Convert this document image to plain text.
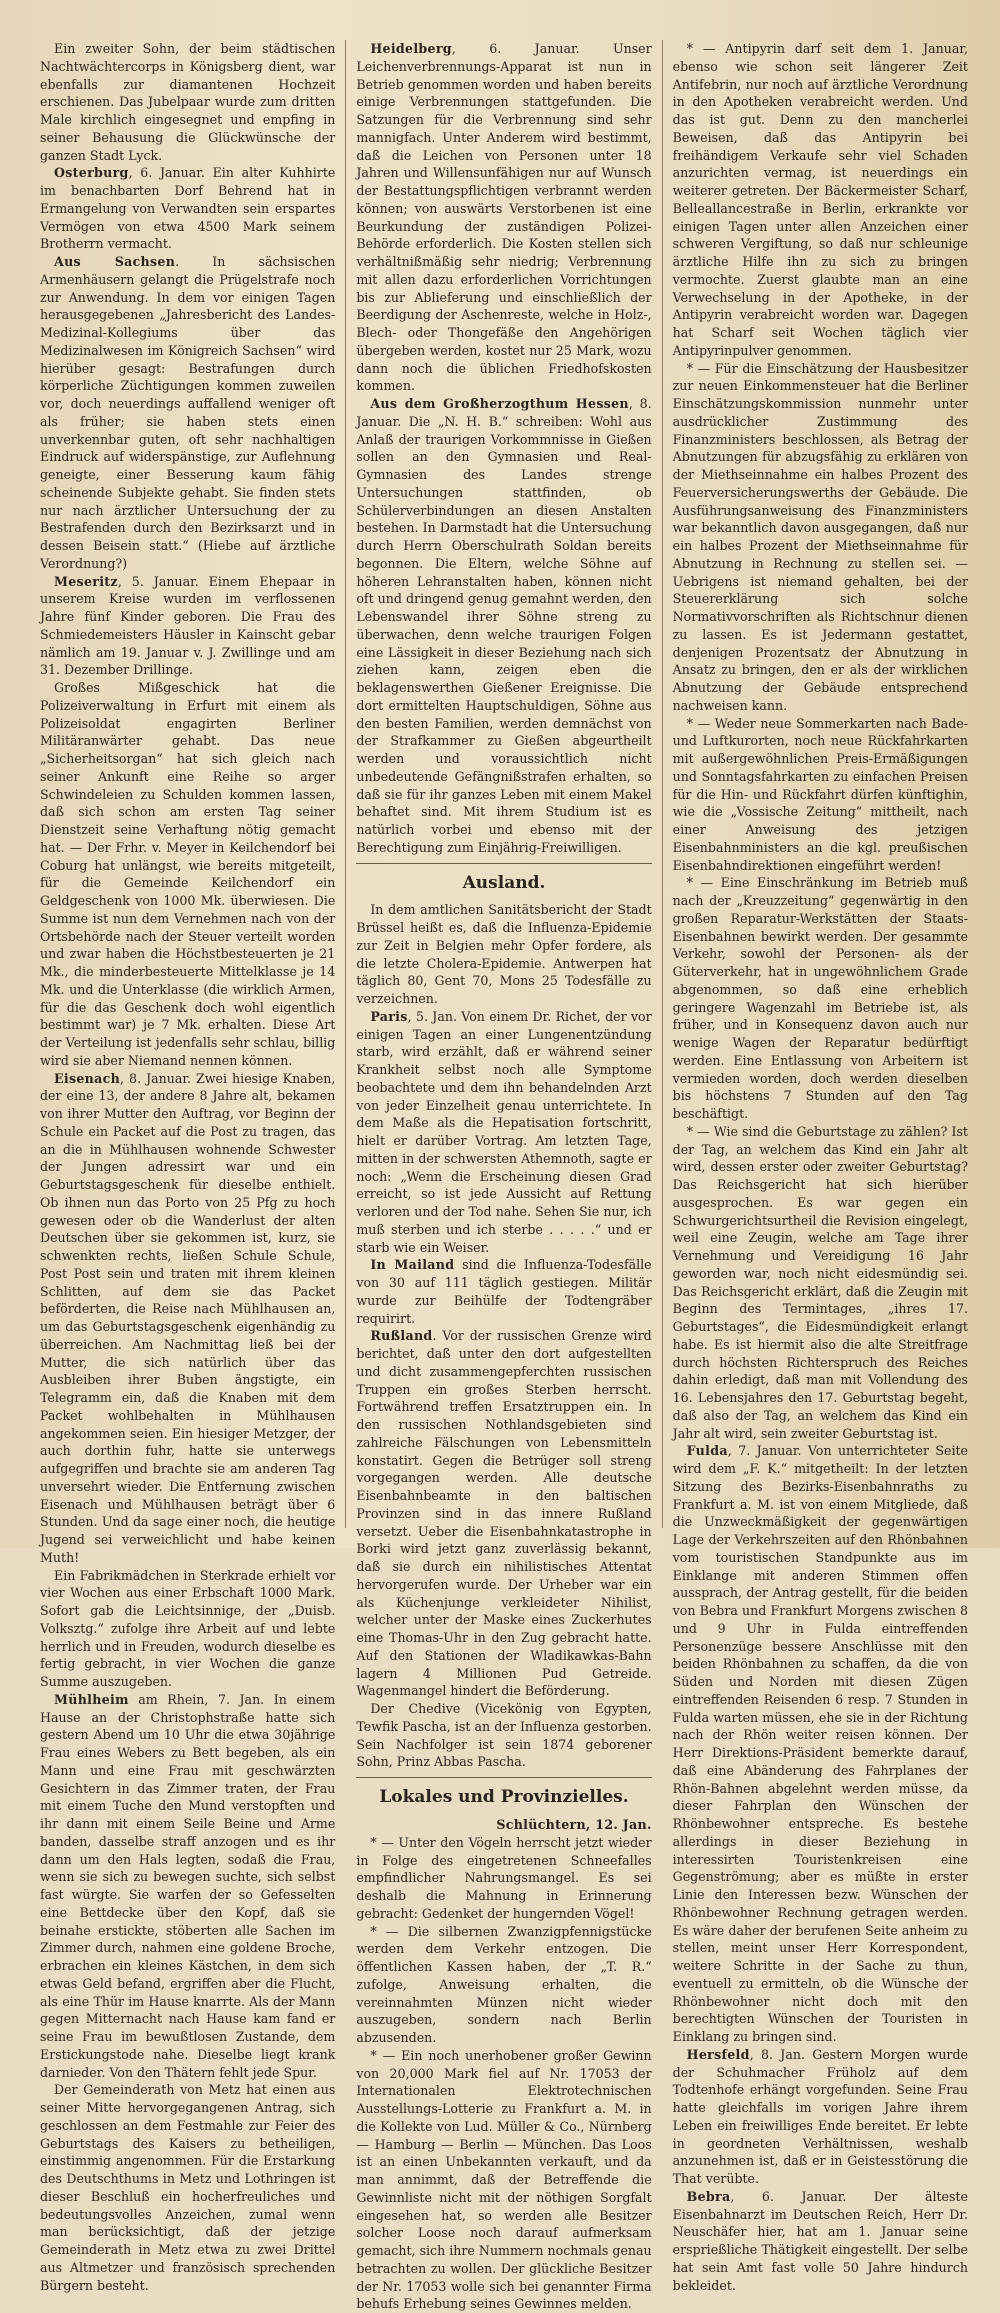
Ein zweiter Sohn, der beim städtischen Nachtwächtercorps in Königsberg dient, war ebenfalls zur diamantenen Hochzeit erschienen. Das Jubelpaar wurde zum dritten Male kirchlich eingesegnet und empfing in seiner Behausung die Glückwünsche der ganzen Stadt Lyck.

Osterburg, 6. Januar. Ein alter Kuhhirte im benachbarten Dorf Behrend hat in Ermangelung von Verwandten sein erspartes Vermögen von etwa 4500 Mark seinem Brotherrn vermacht.

Aus Sachsen. In sächsischen Armenhäusern gelangt die Prügelstrafe noch zur Anwendung. In dem vor einigen Tagen herausgegebenen „Jahresbericht des Landes-Medizinal-Kollegiums über das Medizinalwesen im Königreich Sachsen“ wird hierüber gesagt: Bestrafungen durch körperliche Züchtigungen kommen zuweilen vor, doch neuerdings auffallend weniger oft als früher; sie haben stets einen unverkennbar guten, oft sehr nachhaltigen Eindruck auf widerspänstige, zur Auflehnung geneigte, einer Besserung kaum fähig scheinende Subjekte gehabt. Sie finden stets nur nach ärztlicher Untersuchung der zu Bestrafenden durch den Bezirksarzt und in dessen Beisein statt.“ (Hiebe auf ärztliche Verordnung?)

Meseritz, 5. Januar. Einem Ehepaar in unserem Kreise wurden im verflossenen Jahre fünf Kinder geboren. Die Frau des Schmiedemeisters Häusler in Kainscht gebar nämlich am 19. Januar v. J. Zwillinge und am 31. Dezember Drillinge.

Großes Mißgeschick hat die Polizeiverwaltung in Erfurt mit einem als Polizeisoldat engagirten Berliner Militäranwärter gehabt. Das neue „Sicherheitsorgan“ hat sich gleich nach seiner Ankunft eine Reihe so arger Schwindeleien zu Schulden kommen lassen, daß sich schon am ersten Tag seiner Dienstzeit seine Verhaftung nötig gemacht hat. — Der Frhr. v. Meyer in Keilchendorf bei Coburg hat unlängst, wie bereits mitgeteilt, für die Gemeinde Keilchendorf ein Geldgeschenk von 1000 Mk. überwiesen. Die Summe ist nun dem Vernehmen nach von der Ortsbehörde nach der Steuer verteilt worden und zwar haben die Höchstbesteuerten je 21 Mk., die minderbesteuerte Mittelklasse je 14 Mk. und die Unterklasse (die wirklich Armen, für die das Geschenk doch wohl eigentlich bestimmt war) je 7 Mk. erhalten. Diese Art der Verteilung ist jedenfalls sehr schlau, billig wird sie aber Niemand nennen können.

Eisenach, 8. Januar. Zwei hiesige Knaben, der eine 13, der andere 8 Jahre alt, bekamen von ihrer Mutter den Auftrag, vor Beginn der Schule ein Packet auf die Post zu tragen, das an die in Mühlhausen wohnende Schwester der Jungen adressirt war und ein Geburtstagsgeschenk für dieselbe enthielt. Ob ihnen nun das Porto von 25 Pfg zu hoch gewesen oder ob die Wanderlust der alten Deutschen über sie gekommen ist, kurz, sie schwenkten rechts, ließen Schule Schule, Post Post sein und traten mit ihrem kleinen Schlitten, auf dem sie das Packet beförderten, die Reise nach Mühlhausen an, um das Geburtstagsgeschenk eigenhändig zu überreichen. Am Nachmittag ließ bei der Mutter, die sich natürlich über das Ausbleiben ihrer Buben ängstigte, ein Telegramm ein, daß die Knaben mit dem Packet wohlbehalten in Mühlhausen angekommen seien. Ein hiesiger Metzger, der auch dorthin fuhr, hatte sie unterwegs aufgegriffen und brachte sie am anderen Tag unversehrt wieder. Die Entfernung zwischen Eisenach und Mühlhausen beträgt über 6 Stunden. Und da sage einer noch, die heutige Jugend sei verweichlicht und habe keinen Muth!

Ein Fabrikmädchen in Sterkrade erhielt vor vier Wochen aus einer Erbschaft 1000 Mark. Sofort gab die Leichtsinnige, der „Duisb. Volksztg.“ zufolge ihre Arbeit auf und lebte herrlich und in Freuden, wodurch dieselbe es fertig gebracht, in vier Wochen die ganze Summe auszugeben.

Mühlheim am Rhein, 7. Jan. In einem Hause an der Christophstraße hatte sich gestern Abend um 10 Uhr die etwa 30jährige Frau eines Webers zu Bett begeben, als ein Mann und eine Frau mit geschwärzten Gesichtern in das Zimmer traten, der Frau mit einem Tuche den Mund verstopften und ihr dann mit einem Seile Beine und Arme banden, dasselbe straff anzogen und es ihr dann um den Hals legten, sodaß die Frau, wenn sie sich zu bewegen suchte, sich selbst fast würgte. Sie warfen der so Gefesselten eine Bettdecke über den Kopf, daß sie beinahe erstickte, stöberten alle Sachen im Zimmer durch, nahmen eine goldene Broche, erbrachen ein kleines Kästchen, in dem sich etwas Geld befand, ergriffen aber die Flucht, als eine Thür im Hause knarrte. Als der Mann gegen Mitternacht nach Hause kam fand er seine Frau im bewußtlosen Zustande, dem Erstickungstode nahe. Dieselbe liegt krank darnieder. Von den Thätern fehlt jede Spur.

Der Gemeinderath von Metz hat einen aus seiner Mitte hervorgegangenen Antrag, sich geschlossen an dem Festmahle zur Feier des Geburtstags des Kaisers zu betheiligen, einstimmig angenommen. Für die Erstarkung des Deutschthums in Metz und Lothringen ist dieser Beschluß ein hocherfreuliches und bedeutungsvolles Anzeichen, zumal wenn man berücksichtigt, daß der jetzige Gemeinderath in Metz etwa zu zwei Drittel aus Altmetzer und französisch sprechenden Bürgern besteht.

Heidelberg, 6. Januar. Unser Leichenverbrennungs-Apparat ist nun in Betrieb genommen worden und haben bereits einige Verbrennungen stattgefunden. Die Satzungen für die Verbrennung sind sehr mannigfach. Unter Anderem wird bestimmt, daß die Leichen von Personen unter 18 Jahren und Willensunfähigen nur auf Wunsch der Bestattungspflichtigen verbrannt werden können; von auswärts Verstorbenen ist eine Beurkundung der zuständigen Polizei-Behörde erforderlich. Die Kosten stellen sich verhältnißmäßig sehr niedrig; Verbrennung mit allen dazu erforderlichen Vorrichtungen bis zur Ablieferung und einschließlich der Beerdigung der Aschenreste, welche in Holz-, Blech- oder Thongefäße den Angehörigen übergeben werden, kostet nur 25 Mark, wozu dann noch die üblichen Friedhofskosten kommen.

Aus dem Großherzogthum Hessen, 8. Januar. Die „N. H. B.“ schreiben: Wohl aus Anlaß der traurigen Vorkommnisse in Gießen sollen an den Gymnasien und Real-Gymnasien des Landes strenge Untersuchungen stattfinden, ob Schülerverbindungen an diesen Anstalten bestehen. In Darmstadt hat die Untersuchung durch Herrn Oberschulrath Soldan bereits begonnen. Die Eltern, welche Söhne auf höheren Lehranstalten haben, können nicht oft und dringend genug gemahnt werden, den Lebenswandel ihrer Söhne streng zu überwachen, denn welche traurigen Folgen eine Lässigkeit in dieser Beziehung nach sich ziehen kann, zeigen eben die beklagenswerthen Gießener Ereignisse. Die dort ermittelten Hauptschuldigen, Söhne aus den besten Familien, werden demnächst von der Strafkammer zu Gießen abgeurtheilt werden und voraussichtlich nicht unbedeutende Gefängnißstrafen erhalten, so daß sie für ihr ganzes Leben mit einem Makel behaftet sind. Mit ihrem Studium ist es natürlich vorbei und ebenso mit der Berechtigung zum Einjährig-Freiwilligen.

Ausland.

In dem amtlichen Sanitätsbericht der Stadt Brüssel heißt es, daß die Influenza-Epidemie zur Zeit in Belgien mehr Opfer fordere, als die letzte Cholera-Epidemie. Antwerpen hat täglich 80, Gent 70, Mons 25 Todesfälle zu verzeichnen.

Paris, 5. Jan. Von einem Dr. Richet, der vor einigen Tagen an einer Lungenentzündung starb, wird erzählt, daß er während seiner Krankheit selbst noch alle Symptome beobachtete und dem ihn behandelnden Arzt von jeder Einzelheit genau unterrichtete. In dem Maße als die Hepatisation fortschritt, hielt er darüber Vortrag. Am letzten Tage, mitten in der schwersten Athemnoth, sagte er noch: „Wenn die Erscheinung diesen Grad erreicht, so ist jede Aussicht auf Rettung verloren und der Tod nahe. Sehen Sie nur, ich muß sterben und ich sterbe . . . . .“ und er starb wie ein Weiser.

In Mailand sind die Influenza-Todesfälle von 30 auf 111 täglich gestiegen. Militär wurde zur Beihülfe der Todtengräber requirirt.

Rußland. Vor der russischen Grenze wird berichtet, daß unter den dort aufgestellten und dicht zusammengepferchten russischen Truppen ein großes Sterben herrscht. Fortwährend treffen Ersatztruppen ein. In den russischen Nothlandsgebieten sind zahlreiche Fälschungen von Lebensmitteln konstatirt. Gegen die Betrüger soll streng vorgegangen werden. Alle deutsche Eisenbahnbeamte in den baltischen Provinzen sind in das innere Rußland versetzt. Ueber die Eisenbahnkatastrophe in Borki wird jetzt ganz zuverlässig bekannt, daß sie durch ein nihilistisches Attentat hervorgerufen wurde. Der Urheber war ein als Küchenjunge verkleideter Nihilist, welcher unter der Maske eines Zuckerhutes eine Thomas-Uhr in den Zug gebracht hatte. Auf den Stationen der Wladikawkas-Bahn lagern 4 Millionen Pud Getreide. Wagenmangel hindert die Beförderung.

Der Chedive (Vicekönig von Egypten, Tewfik Pascha, ist an der Influenza gestorben. Sein Nachfolger ist sein 1874 geborener Sohn, Prinz Abbas Pascha.

Lokales und Provinzielles.

Schlüchtern, 12. Jan.

* — Unter den Vögeln herrscht jetzt wieder in Folge des eingetretenen Schneefalles empfindlicher Nahrungsmangel. Es sei deshalb die Mahnung in Erinnerung gebracht: Gedenket der hungernden Vögel!

* — Die silbernen Zwanzigpfennigstücke werden dem Verkehr entzogen. Die öffentlichen Kassen haben, der „T. R.“ zufolge, Anweisung erhalten, die vereinnahmten Münzen nicht wieder auszugeben, sondern nach Berlin abzusenden.

* — Ein noch unerhobener großer Gewinn von 20,000 Mark fiel auf Nr. 17053 der Internationalen Elektrotechnischen Ausstellungs-Lotterie zu Frankfurt a. M. in die Kollekte von Lud. Müller & Co., Nürnberg — Hamburg — Berlin — München. Das Loos ist an einen Unbekannten verkauft, und da man annimmt, daß der Betreffende die Gewinnliste nicht mit der nöthigen Sorgfalt eingesehen hat, so werden alle Besitzer solcher Loose noch darauf aufmerksam gemacht, sich ihre Nummern nochmals genau betrachten zu wollen. Der glückliche Besitzer der Nr. 17053 wolle sich bei genannter Firma behufs Erhebung seines Gewinnes melden.

* — Antipyrin darf seit dem 1. Januar, ebenso wie schon seit längerer Zeit Antifebrin, nur noch auf ärztliche Verordnung in den Apotheken verabreicht werden. Und das ist gut. Denn zu den mancherlei Beweisen, daß das Antipyrin bei freihändigem Verkaufe sehr viel Schaden anzurichten vermag, ist neuerdings ein weiterer getreten. Der Bäckermeister Scharf, Belleallancestraße in Berlin, erkrankte vor einigen Tagen unter allen Anzeichen einer schweren Vergiftung, so daß nur schleunige ärztliche Hilfe ihn zu sich zu bringen vermochte. Zuerst glaubte man an eine Verwechselung in der Apotheke, in der Antipyrin verabreicht worden war. Dagegen hat Scharf seit Wochen täglich vier Antipyrinpulver genommen.

* — Für die Einschätzung der Hausbesitzer zur neuen Einkommensteuer hat die Berliner Einschätzungskommission nunmehr unter ausdrücklicher Zustimmung des Finanzministers beschlossen, als Betrag der Abnutzungen für abzugsfähig zu erklären von der Miethseinnahme ein halbes Prozent des Feuerversicherungswerths der Gebäude. Die Ausführungsanweisung des Finanzministers war bekanntlich davon ausgegangen, daß nur ein halbes Prozent der Miethseinnahme für Abnutzung in Rechnung zu stellen sei. — Uebrigens ist niemand gehalten, bei der Steuererklärung sich solche Normativvorschriften als Richtschnur dienen zu lassen. Es ist Jedermann gestattet, denjenigen Prozentsatz der Abnutzung in Ansatz zu bringen, den er als der wirklichen Abnutzung der Gebäude entsprechend nachweisen kann.

* — Weder neue Sommerkarten nach Bade- und Luftkurorten, noch neue Rückfahrkarten mit außergewöhnlichen Preis-Ermäßigungen und Sonntagsfahrkarten zu einfachen Preisen für die Hin- und Rückfahrt dürfen künftighin, wie die „Vossische Zeitung“ mittheilt, nach einer Anweisung des jetzigen Eisenbahnministers an die kgl. preußischen Eisenbahndirektionen eingeführt werden!

* — Eine Einschränkung im Betrieb muß nach der „Kreuzzeitung“ gegenwärtig in den großen Reparatur-Werkstätten der Staats-Eisenbahnen bewirkt werden. Der gesammte Verkehr, sowohl der Personen- als der Güterverkehr, hat in ungewöhnlichem Grade abgenommen, so daß eine erheblich geringere Wagenzahl im Betriebe ist, als früher, und in Konsequenz davon auch nur wenige Wagen der Reparatur bedürftigt werden. Eine Entlassung von Arbeitern ist vermieden worden, doch werden dieselben bis höchstens 7 Stunden auf den Tag beschäftigt.

* — Wie sind die Geburtstage zu zählen? Ist der Tag, an welchem das Kind ein Jahr alt wird, dessen erster oder zweiter Geburtstag? Das Reichsgericht hat sich hierüber ausgesprochen. Es war gegen ein Schwurgerichtsurtheil die Revision eingelegt, weil eine Zeugin, welche am Tage ihrer Vernehmung und Vereidigung 16 Jahr geworden war, noch nicht eidesmündig sei. Das Reichsgericht erklärt, daß die Zeugin mit Beginn des Termintages, „ihres 17. Geburtstages“, die Eidesmündigkeit erlangt habe. Es ist hiermit also die alte Streitfrage durch höchsten Richterspruch des Reiches dahin erledigt, daß man mit Vollendung des 16. Lebensjahres den 17. Geburtstag begeht, daß also der Tag, an welchem das Kind ein Jahr alt wird, sein zweiter Geburtstag ist.

Fulda, 7. Januar. Von unterrichteter Seite wird dem „F. K.“ mitgetheilt: In der letzten Sitzung des Bezirks-Eisenbahnraths zu Frankfurt a. M. ist von einem Mitgliede, daß die Unzweckmäßigkeit der gegenwärtigen Lage der Verkehrszeiten auf den Rhönbahnen vom touristischen Standpunkte aus im Einklange mit anderen Stimmen offen aussprach, der Antrag gestellt, für die beiden von Bebra und Frankfurt Morgens zwischen 8 und 9 Uhr in Fulda eintreffenden Personenzüge bessere Anschlüsse mit den beiden Rhönbahnen zu schaffen, da die von Süden und Norden mit diesen Zügen eintreffenden Reisenden 6 resp. 7 Stunden in Fulda warten müssen, ehe sie in der Richtung nach der Rhön weiter reisen können. Der Herr Direktions-Präsident bemerkte darauf, daß eine Abänderung des Fahrplanes der Rhön-Bahnen abgelehnt werden müsse, da dieser Fahrplan den Wünschen der Rhönbewohner entspreche. Es bestehe allerdings in dieser Beziehung in interessirten Touristenkreisen eine Gegenströmung; aber es müßte in erster Linie den Interessen bezw. Wünschen der Rhönbewohner Rechnung getragen werden. Es wäre daher der berufenen Seite anheim zu stellen, meint unser Herr Korrespondent, weitere Schritte in der Sache zu thun, eventuell zu ermitteln, ob die Wünsche der Rhönbewohner nicht doch mit den berechtigten Wünschen der Touristen in Einklang zu bringen sind.

Hersfeld, 8. Jan. Gestern Morgen wurde der Schuhmacher Früholz auf dem Todtenhofe erhängt vorgefunden. Seine Frau hatte gleichfalls im vorigen Jahre ihrem Leben ein freiwilliges Ende bereitet. Er lebte in geordneten Verhältnissen, weshalb anzunehmen ist, daß er in Geistesstörung die That verübte.

Bebra, 6. Januar. Der älteste Eisenbahnarzt im Deutschen Reich, Herr Dr. Neuschäfer hier, hat am 1. Januar seine ersprießliche Thätigkeit eingestellt. Der selbe hat sein Amt fast volle 50 Jahre hindurch bekleidet.
